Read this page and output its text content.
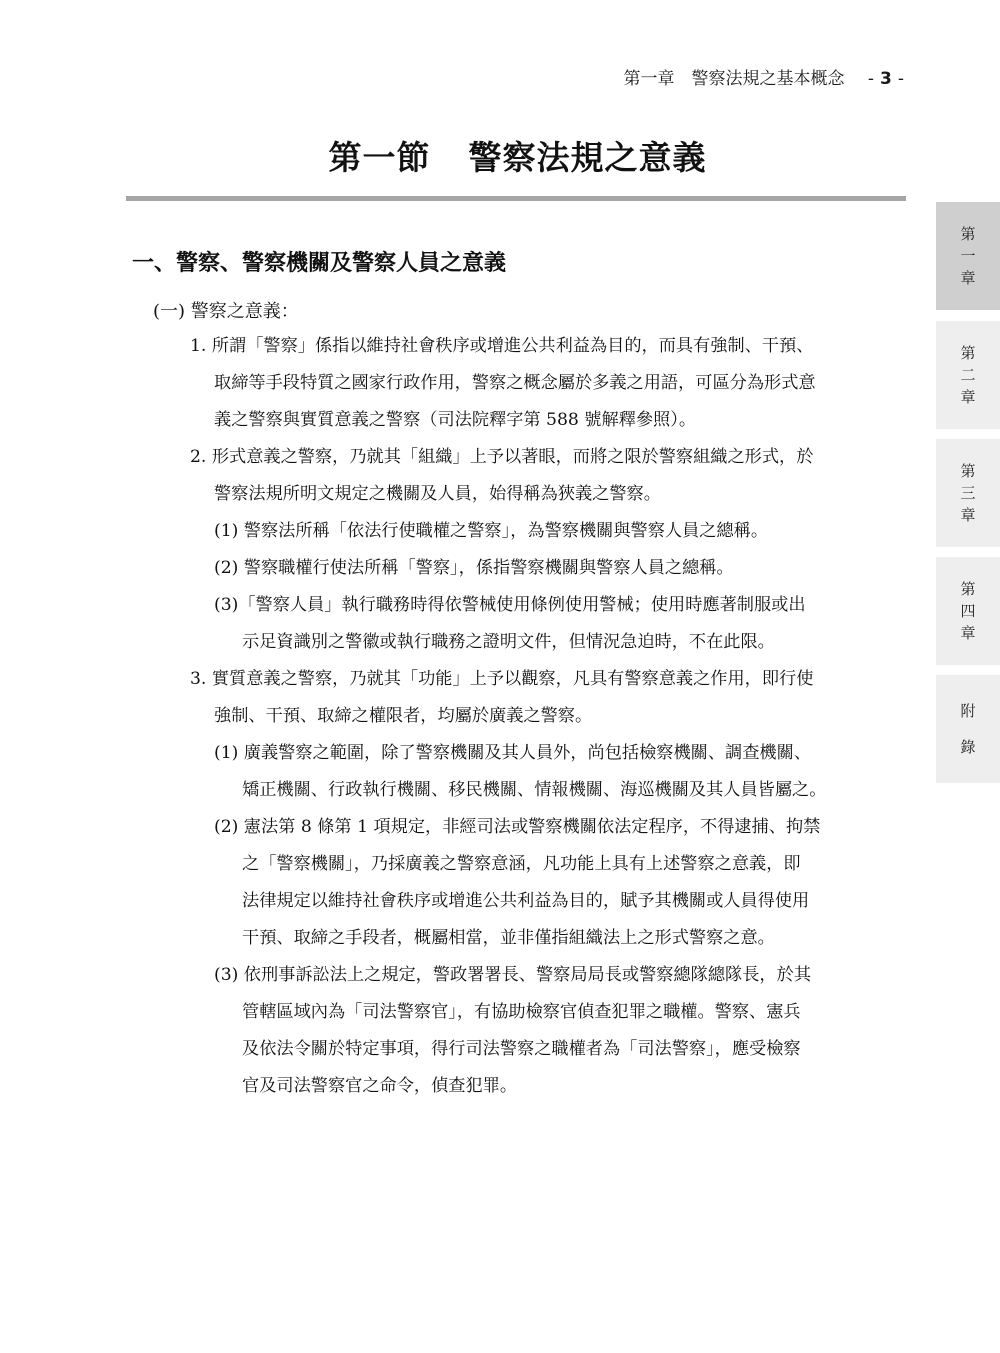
第一章　警察法規之基本概念 - 3 -
第一節 警察法規之意義
一、警察、警察機關及警察人員之意義
(一) 警察之意義：
1. 所謂「警察」係指以維持社會秩序或增進公共利益為目的，而具有強制、干預、
取締等手段特質之國家行政作用，警察之概念屬於多義之用語，可區分為形式意
義之警察與實質意義之警察（司法院釋字第 588 號解釋參照）。
2. 形式意義之警察，乃就其「組織」上予以著眼，而將之限於警察組織之形式，於
警察法規所明文規定之機關及人員，始得稱為狹義之警察。
(1) 警察法所稱「依法行使職權之警察」，為警察機關與警察人員之總稱。
(2) 警察職權行使法所稱「警察」，係指警察機關與警察人員之總稱。
(3)「警察人員」執行職務時得依警械使用條例使用警械；使用時應著制服或出
示足資識別之警徽或執行職務之證明文件，但情況急迫時，不在此限。
3. 實質意義之警察，乃就其「功能」上予以觀察，凡具有警察意義之作用，即行使
強制、干預、取締之權限者，均屬於廣義之警察。
(1) 廣義警察之範圍，除了警察機關及其人員外，尚包括檢察機關、調查機關、
矯正機關、行政執行機關、移民機關、情報機關、海巡機關及其人員皆屬之。
(2) 憲法第 8 條第 1 項規定，非經司法或警察機關依法定程序，不得逮捕、拘禁
之「警察機關」，乃採廣義之警察意涵，凡功能上具有上述警察之意義，即
法律規定以維持社會秩序或增進公共利益為目的，賦予其機關或人員得使用
干預、取締之手段者，概屬相當，並非僅指組織法上之形式警察之意。
(3) 依刑事訴訟法上之規定，警政署署長、警察局局長或警察總隊總隊長，於其
管轄區域內為「司法警察官」，有協助檢察官偵查犯罪之職權。警察、憲兵
及依法令關於特定事項，得行司法警察之職權者為「司法警察」，應受檢察
官及司法警察官之命令，偵查犯罪。
第
一
章
第
二
章
第
三
章
第
四
章
附
錄
